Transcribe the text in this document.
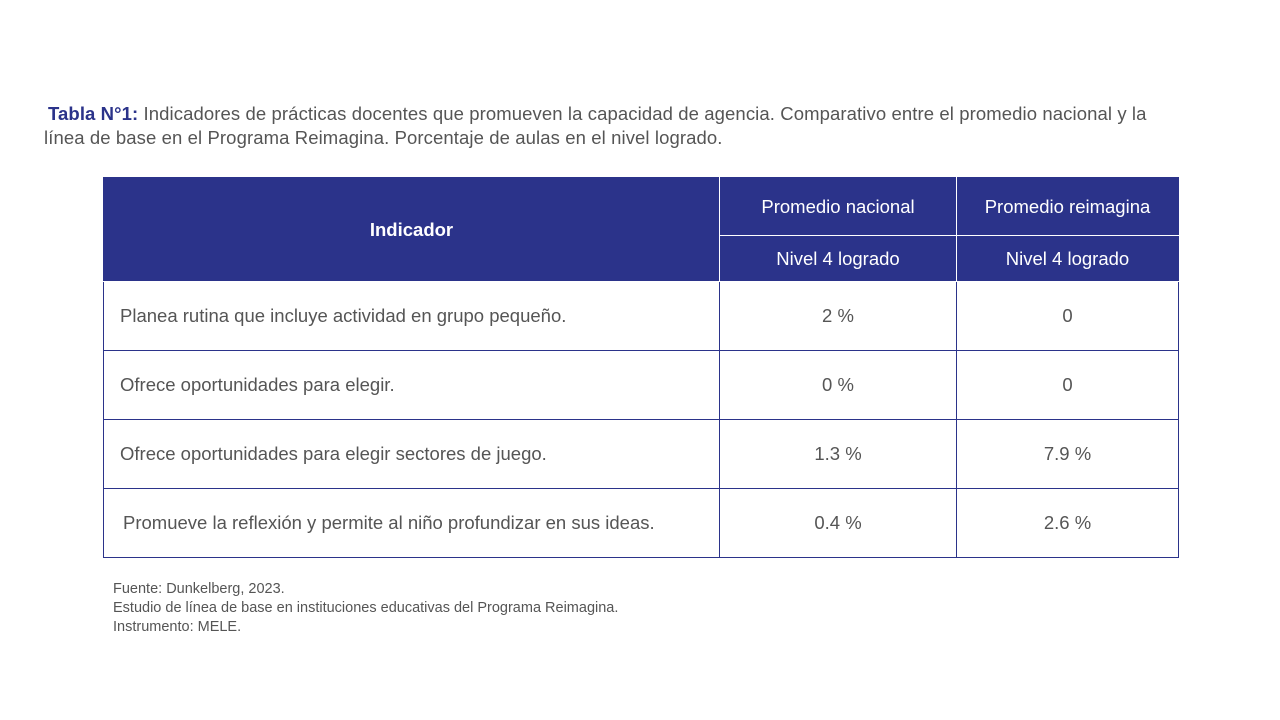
Tabla N°1: Indicadores de prácticas docentes que promueven la capacidad de agencia. Comparativo entre el promedio nacional y la línea de base en el Programa Reimagina. Porcentaje de aulas en el nivel logrado.
Indicador	Promedio nacional	Promedio reimagina
	Nivel 4 logrado	Nivel 4 logrado
Planea rutina que incluye actividad en grupo pequeño.	2 %	0
Ofrece oportunidades para elegir.	0 %	0
Ofrece oportunidades para elegir sectores de juego.	1.3 %	7.9 %
Promueve la reflexión y permite al niño profundizar en sus ideas.	0.4 %	2.6 %
Fuente: Dunkelberg, 2023.
Estudio de línea de base en instituciones educativas del Programa Reimagina.
Instrumento: MELE.
